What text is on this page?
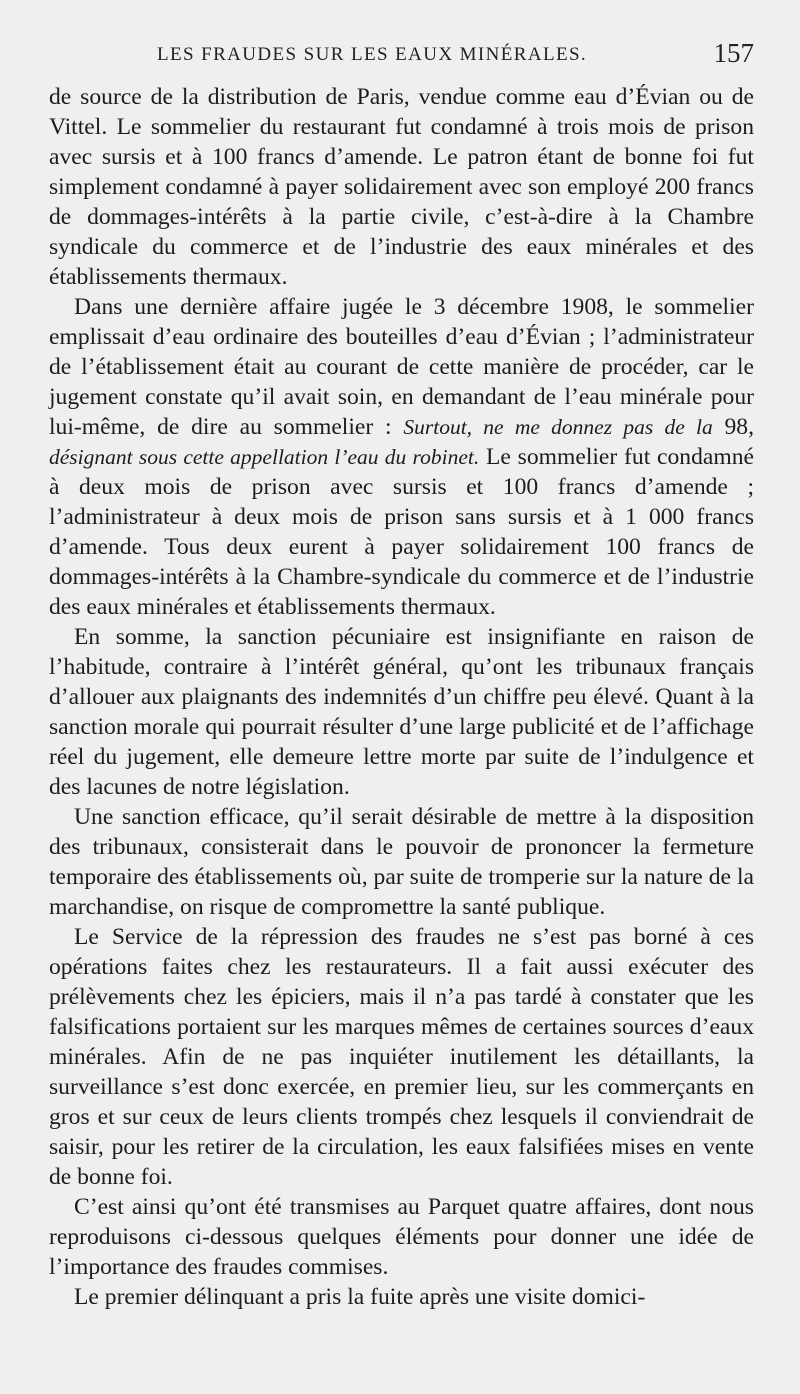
LES FRAUDES SUR LES EAUX MINÉRALES.	157

de source de la distribution de Paris, vendue comme eau d’Évian ou de Vittel. Le sommelier du restaurant fut condamné à trois mois de prison avec sursis et à 100 francs d’amende. Le patron étant de bonne foi fut simplement condamné à payer solidairement avec son employé 200 francs de dommages-intérêts à la partie civile, c’est-à-dire à la Chambre syndicale du commerce et de l’industrie des eaux minérales et des établissements thermaux.

Dans une dernière affaire jugée le 3 décembre 1908, le sommelier emplissait d’eau ordinaire des bouteilles d’eau d’Évian ; l’administrateur de l’établissement était au courant de cette manière de procéder, car le jugement constate qu’il avait soin, en demandant de l’eau minérale pour lui-même, de dire au sommelier : Surtout, ne me donnez pas de la 98, désignant sous cette appellation l’eau du robinet. Le sommelier fut condamné à deux mois de prison avec sursis et 100 francs d’amende ; l’administrateur à deux mois de prison sans sursis et à 1 000 francs d’amende. Tous deux eurent à payer solidairement 100 francs de dommages-intérêts à la Chambre-syndicale du commerce et de l’industrie des eaux minérales et établissements thermaux.

En somme, la sanction pécuniaire est insignifiante en raison de l’habitude, contraire à l’intérêt général, qu’ont les tribunaux français d’allouer aux plaignants des indemnités d’un chiffre peu élevé. Quant à la sanction morale qui pourrait résulter d’une large publicité et de l’affichage réel du jugement, elle demeure lettre morte par suite de l’indulgence et des lacunes de notre législation.

Une sanction efficace, qu’il serait désirable de mettre à la disposition des tribunaux, consisterait dans le pouvoir de prononcer la fermeture temporaire des établissements où, par suite de tromperie sur la nature de la marchandise, on risque de compromettre la santé publique.

Le Service de la répression des fraudes ne s’est pas borné à ces opérations faites chez les restaurateurs. Il a fait aussi exécuter des prélèvements chez les épiciers, mais il n’a pas tardé à constater que les falsifications portaient sur les marques mêmes de certaines sources d’eaux minérales. Afin de ne pas inquiéter inutilement les détaillants, la surveillance s’est donc exercée, en premier lieu, sur les commerçants en gros et sur ceux de leurs clients trompés chez lesquels il conviendrait de saisir, pour les retirer de la circulation, les eaux falsifiées mises en vente de bonne foi.

C’est ainsi qu’ont été transmises au Parquet quatre affaires, dont nous reproduisons ci-dessous quelques éléments pour donner une idée de l’importance des fraudes commises.

Le premier délinquant a pris la fuite après une visite domici-
